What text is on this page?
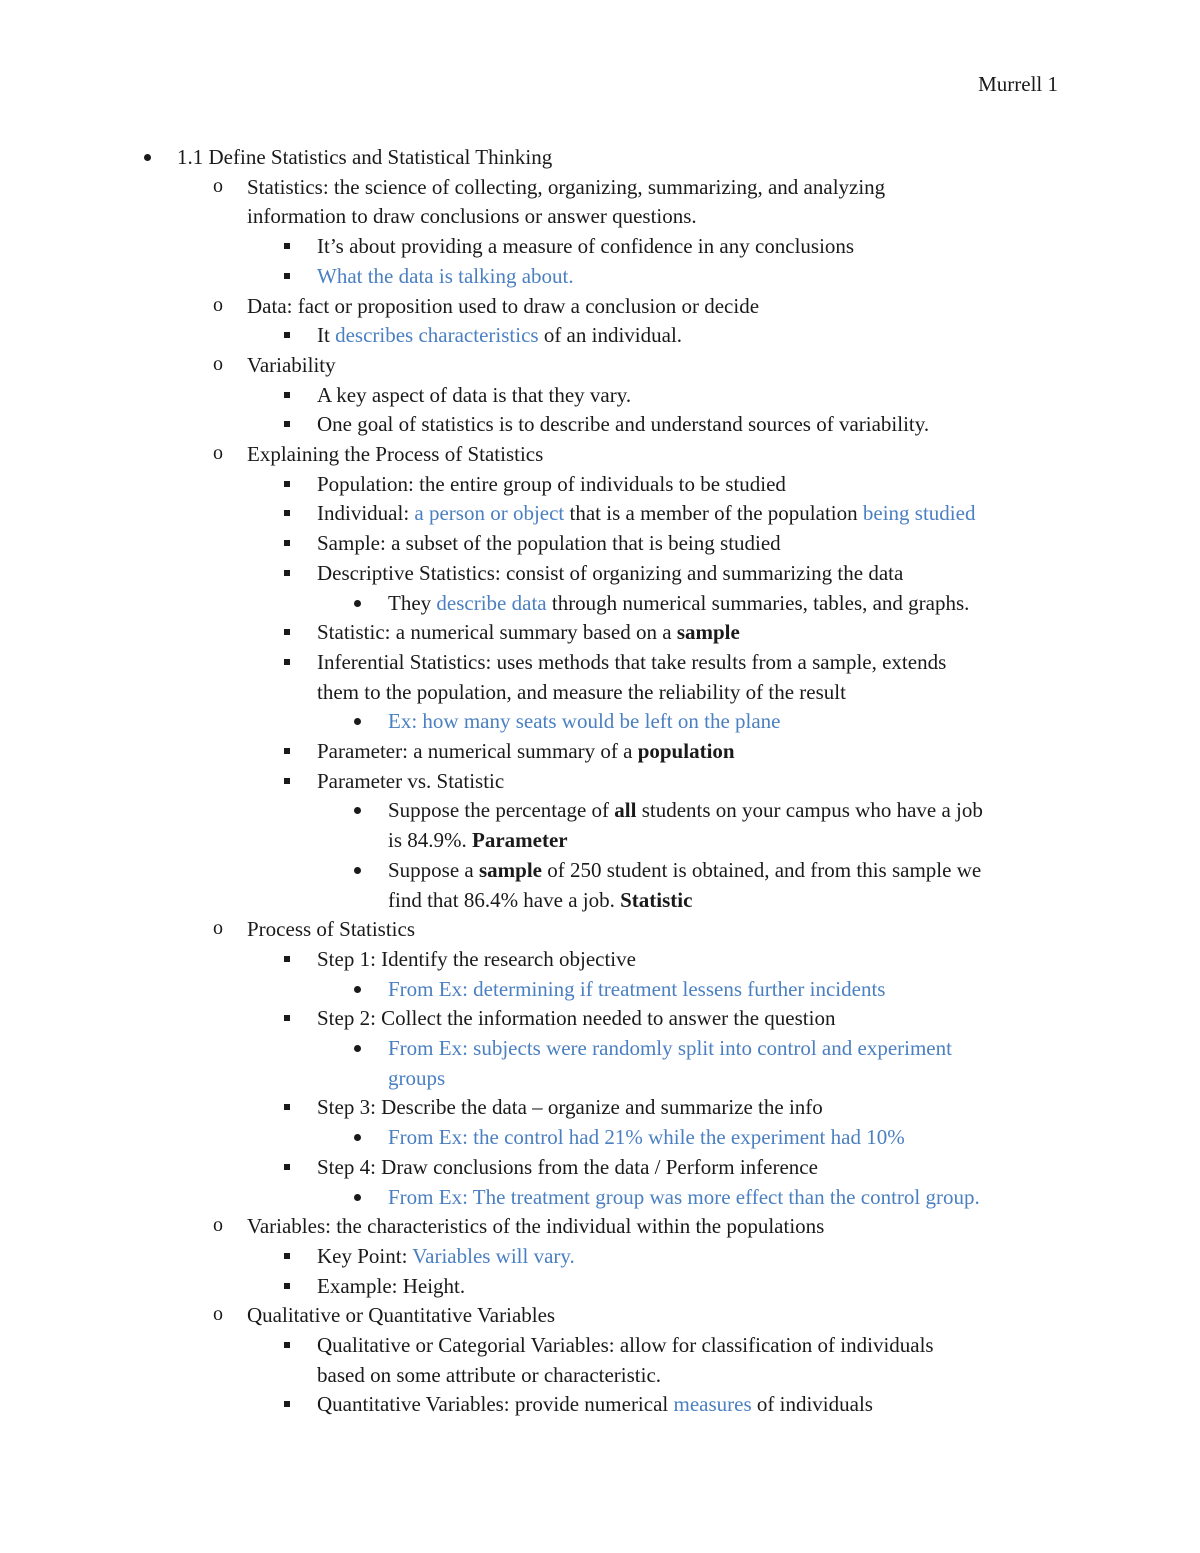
Murrell 1
1.1 Define Statistics and Statistical Thinking
o Statistics: the science of collecting, organizing, summarizing, and analyzing
information to draw conclusions or answer questions.
It’s about providing a measure of confidence in any conclusions
What the data is talking about.
o Data: fact or proposition used to draw a conclusion or decide
It describes characteristics of an individual.
o Variability
A key aspect of data is that they vary.
One goal of statistics is to describe and understand sources of variability.
o Explaining the Process of Statistics
Population: the entire group of individuals to be studied
Individual: a person or object that is a member of the population being studied
Sample: a subset of the population that is being studied
Descriptive Statistics: consist of organizing and summarizing the data
They describe data through numerical summaries, tables, and graphs.
Statistic: a numerical summary based on a sample
Inferential Statistics: uses methods that take results from a sample, extends
them to the population, and measure the reliability of the result
Ex: how many seats would be left on the plane
Parameter: a numerical summary of a population
Parameter vs. Statistic
Suppose the percentage of all students on your campus who have a job
is 84.9%. Parameter
Suppose a sample of 250 student is obtained, and from this sample we
find that 86.4% have a job. Statistic
o Process of Statistics
Step 1: Identify the research objective
From Ex: determining if treatment lessens further incidents
Step 2: Collect the information needed to answer the question
From Ex: subjects were randomly split into control and experiment
groups
Step 3: Describe the data – organize and summarize the info
From Ex: the control had 21% while the experiment had 10%
Step 4: Draw conclusions from the data / Perform inference
From Ex: The treatment group was more effect than the control group.
o Variables: the characteristics of the individual within the populations
Key Point: Variables will vary.
Example: Height.
o Qualitative or Quantitative Variables
Qualitative or Categorial Variables: allow for classification of individuals
based on some attribute or characteristic.
Quantitative Variables: provide numerical measures of individuals
